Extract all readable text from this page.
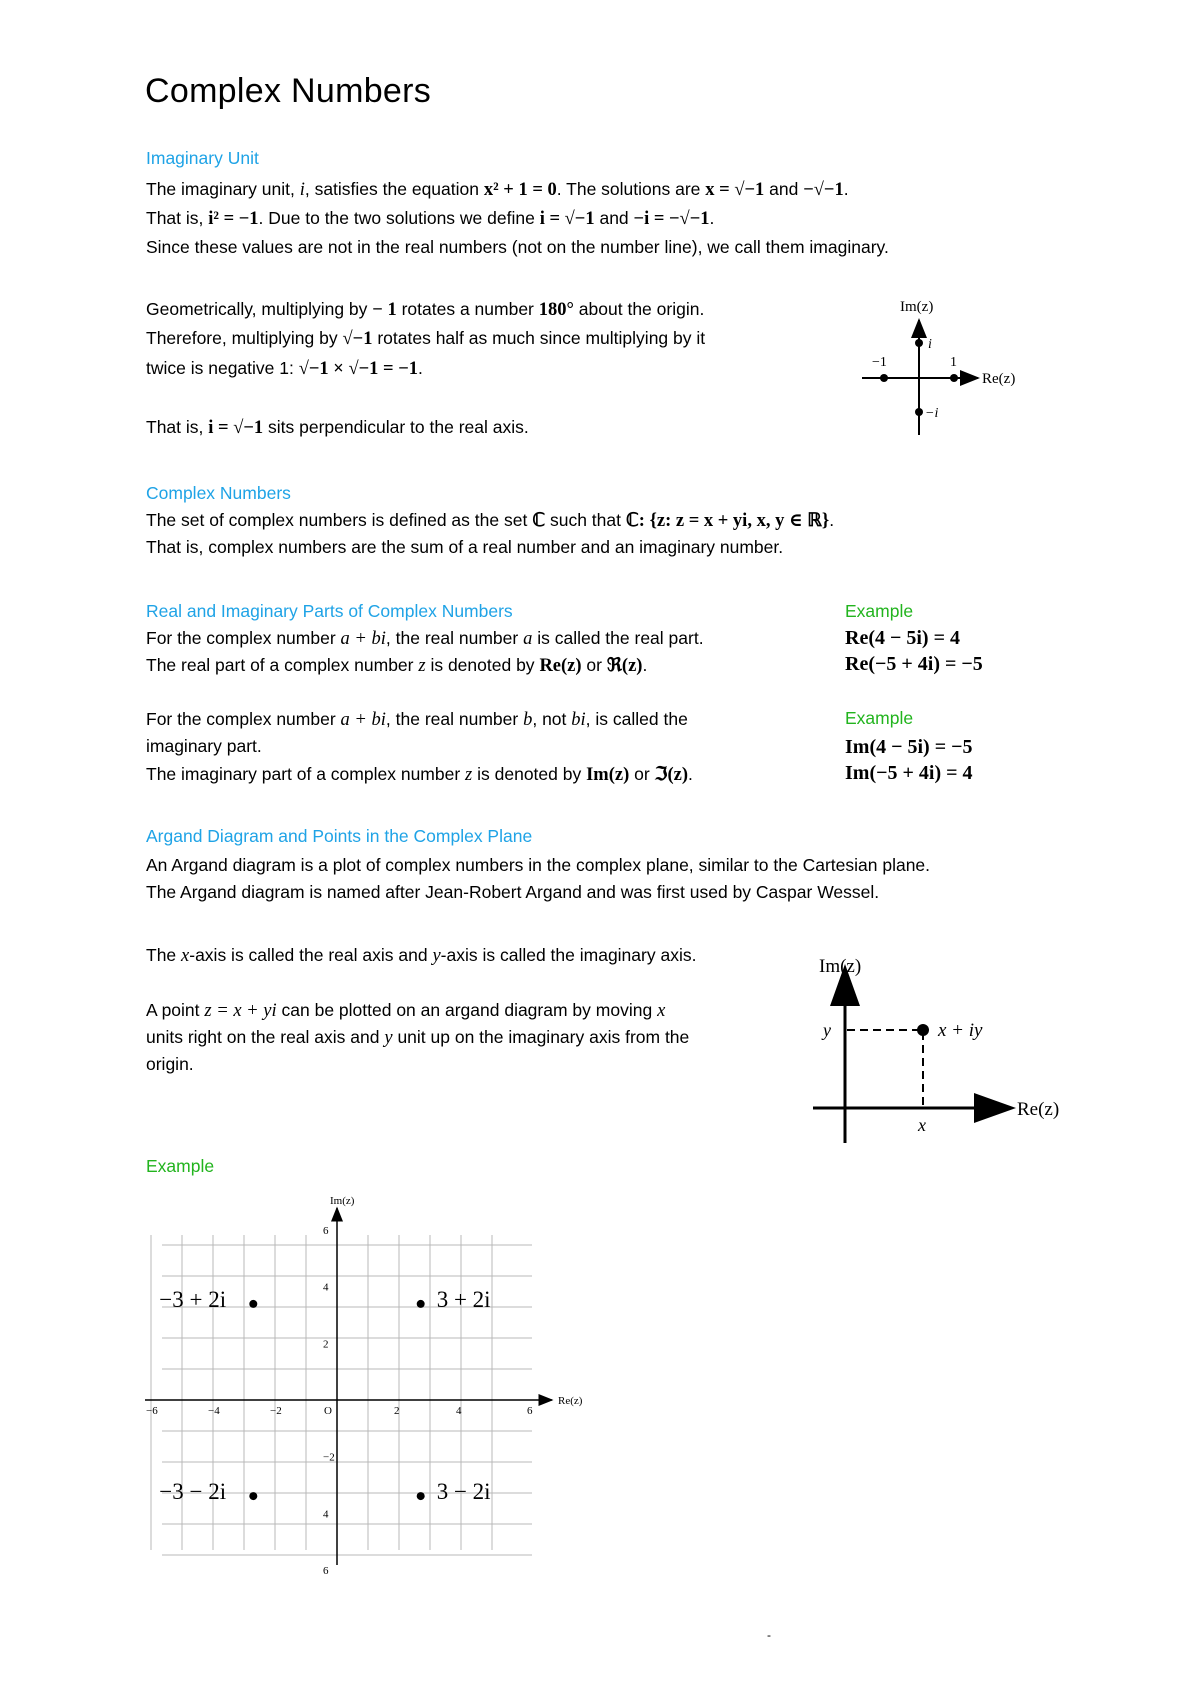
Complex Numbers
Imaginary Unit
The imaginary unit, i, satisfies the equation x² + 1 = 0. The solutions are x = √−1 and −√−1.
That is, i² = −1. Due to the two solutions we define i = √−1 and −i = −√−1.
Since these values are not in the real numbers (not on the number line), we call them imaginary.
Geometrically, multiplying by − 1 rotates a number 180° about the origin.
Therefore, multiplying by √−1 rotates half as much since multiplying by it
twice is negative 1: √−1 × √−1 = −1.
That is, i = √−1 sits perpendicular to the real axis.
Im(z)
Re(z)
i
−i
1
−1
Complex Numbers
The set of complex numbers is defined as the set ℂ such that ℂ: {z: z = x + yi, x, y ∈ ℝ}.
That is, complex numbers are the sum of a real number and an imaginary number.
Real and Imaginary Parts of Complex Numbers
For the complex number a + bi, the real number a is called the real part.
The real part of a complex number z is denoted by Re(z) or ℜ(z).
Example
Re(4 − 5i) = 4
Re(−5 + 4i) = −5
For the complex number a + bi, the real number b, not bi, is called the
imaginary part.
The imaginary part of a complex number z is denoted by Im(z) or ℑ(z).
Example
Im(4 − 5i) = −5
Im(−5 + 4i) = 4
Argand Diagram and Points in the Complex Plane
An Argand diagram is a plot of complex numbers in the complex plane, similar to the Cartesian plane.
The Argand diagram is named after Jean-Robert Argand and was first used by Caspar Wessel.
The x-axis is called the real axis and y-axis is called the imaginary axis.
A point z = x + yi can be plotted on an argand diagram by moving x
units right on the real axis and y unit up on the imaginary axis from the
origin.
Im(z)
Re(z)
y
x
x + iy
Example
Im(z)
Re(z)
O
−6	−4	−2	2	4	6
6
4
2
−2
4
6
−3 + 2i	3 + 2i
−3 − 2i	3 − 2i
-
